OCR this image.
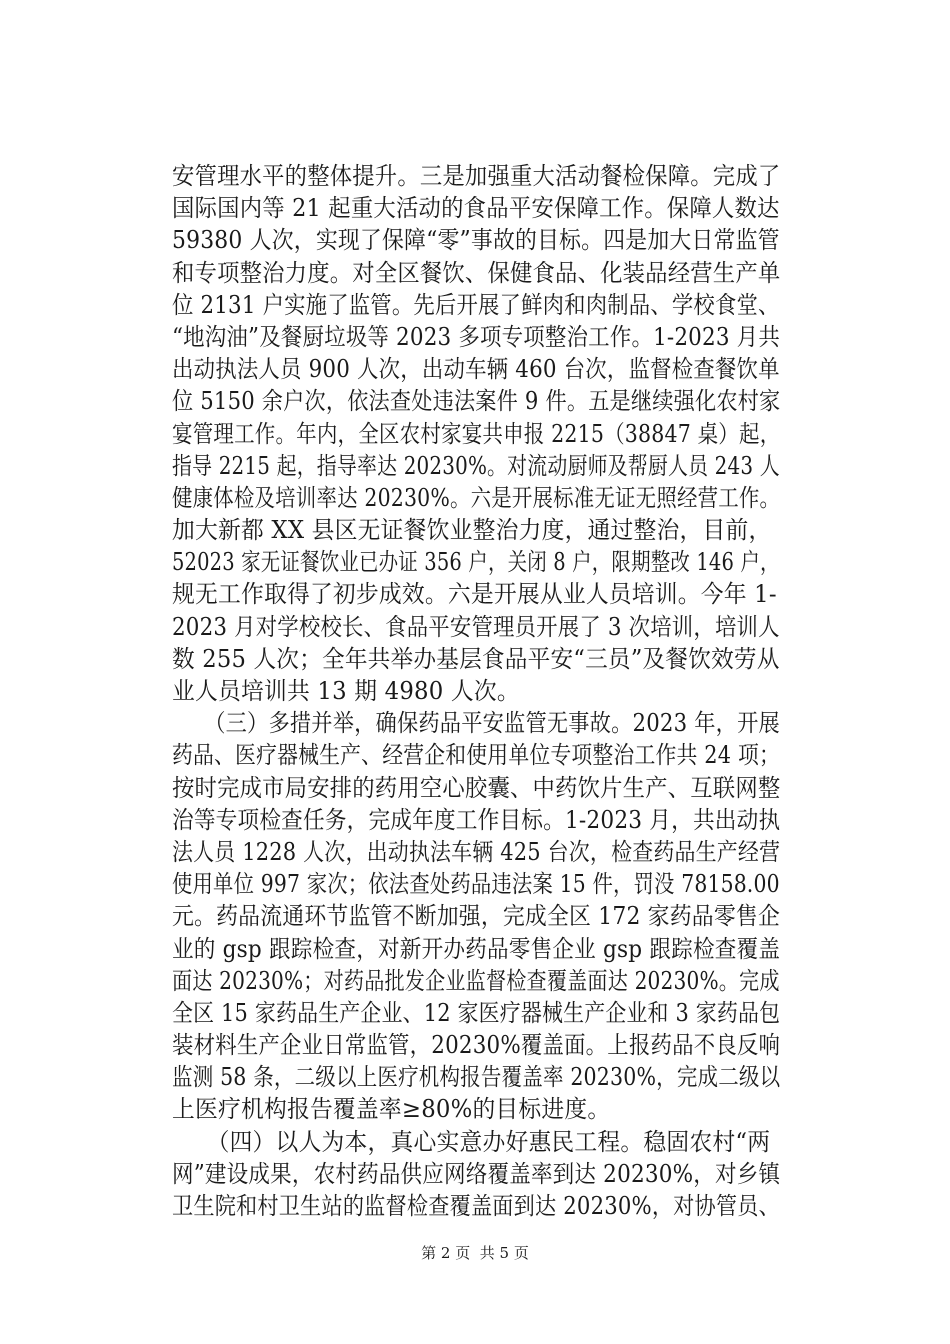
安管理水平的整体提升。三是加强重大活动餐检保障。完成了
国际国内等 21 起重大活动的食品平安保障工作。保障人数达
59380 人次，实现了保障“零”事故的目标。四是加大日常监管
和专项整治力度。对全区餐饮、保健食品、化装品经营生产单
位 2131 户实施了监管。先后开展了鲜肉和肉制品、学校食堂、
“地沟油”及餐厨垃圾等 2023 多项专项整治工作。1-2023 月共
出动执法人员 900 人次，出动车辆 460 台次，监督检查餐饮单
位 5150 余户次，依法查处违法案件 9 件。五是继续强化农村家
宴管理工作。年内，全区农村家宴共申报 2215（38847 桌）起，
指导 2215 起，指导率达 20230%。对流动厨师及帮厨人员 243 人
健康体检及培训率达 20230%。六是开展标准无证无照经营工作。
加大新都 XX 县区无证餐饮业整治力度，通过整治，目前，
52023 家无证餐饮业已办证 356 户，关闭 8 户，限期整改 146 户，
规无工作取得了初步成效。六是开展从业人员培训。今年 1-
2023 月对学校校长、食品平安管理员开展了 3 次培训，培训人
数 255 人次；全年共举办基层食品平安“三员”及餐饮效劳从
业人员培训共 13 期 4980 人次。
　　（三）多措并举，确保药品平安监管无事故。2023 年，开展
药品、医疗器械生产、经营企和使用单位专项整治工作共 24 项；
按时完成市局安排的药用空心胶囊、中药饮片生产、互联网整
治等专项检查任务，完成年度工作目标。1-2023 月，共出动执
法人员 1228 人次，出动执法车辆 425 台次，检查药品生产经营
使用单位 997 家次；依法查处药品违法案 15 件，罚没 78158.00
元。药品流通环节监管不断加强，完成全区 172 家药品零售企
业的 gsp 跟踪检查，对新开办药品零售企业 gsp 跟踪检查覆盖
面达 20230%；对药品批发企业监督检查覆盖面达 20230%。完成
全区 15 家药品生产企业、12 家医疗器械生产企业和 3 家药品包
装材料生产企业日常监管，20230%覆盖面。上报药品不良反响
监测 58 条，二级以上医疗机构报告覆盖率 20230%，完成二级以
上医疗机构报告覆盖率≥80%的目标进度。
　　（四）以人为本，真心实意办好惠民工程。稳固农村“两
网”建设成果，农村药品供应网络覆盖率到达 20230%，对乡镇
卫生院和村卫生站的监督检查覆盖面到达 20230%，对协管员、
第 2 页  共 5 页
